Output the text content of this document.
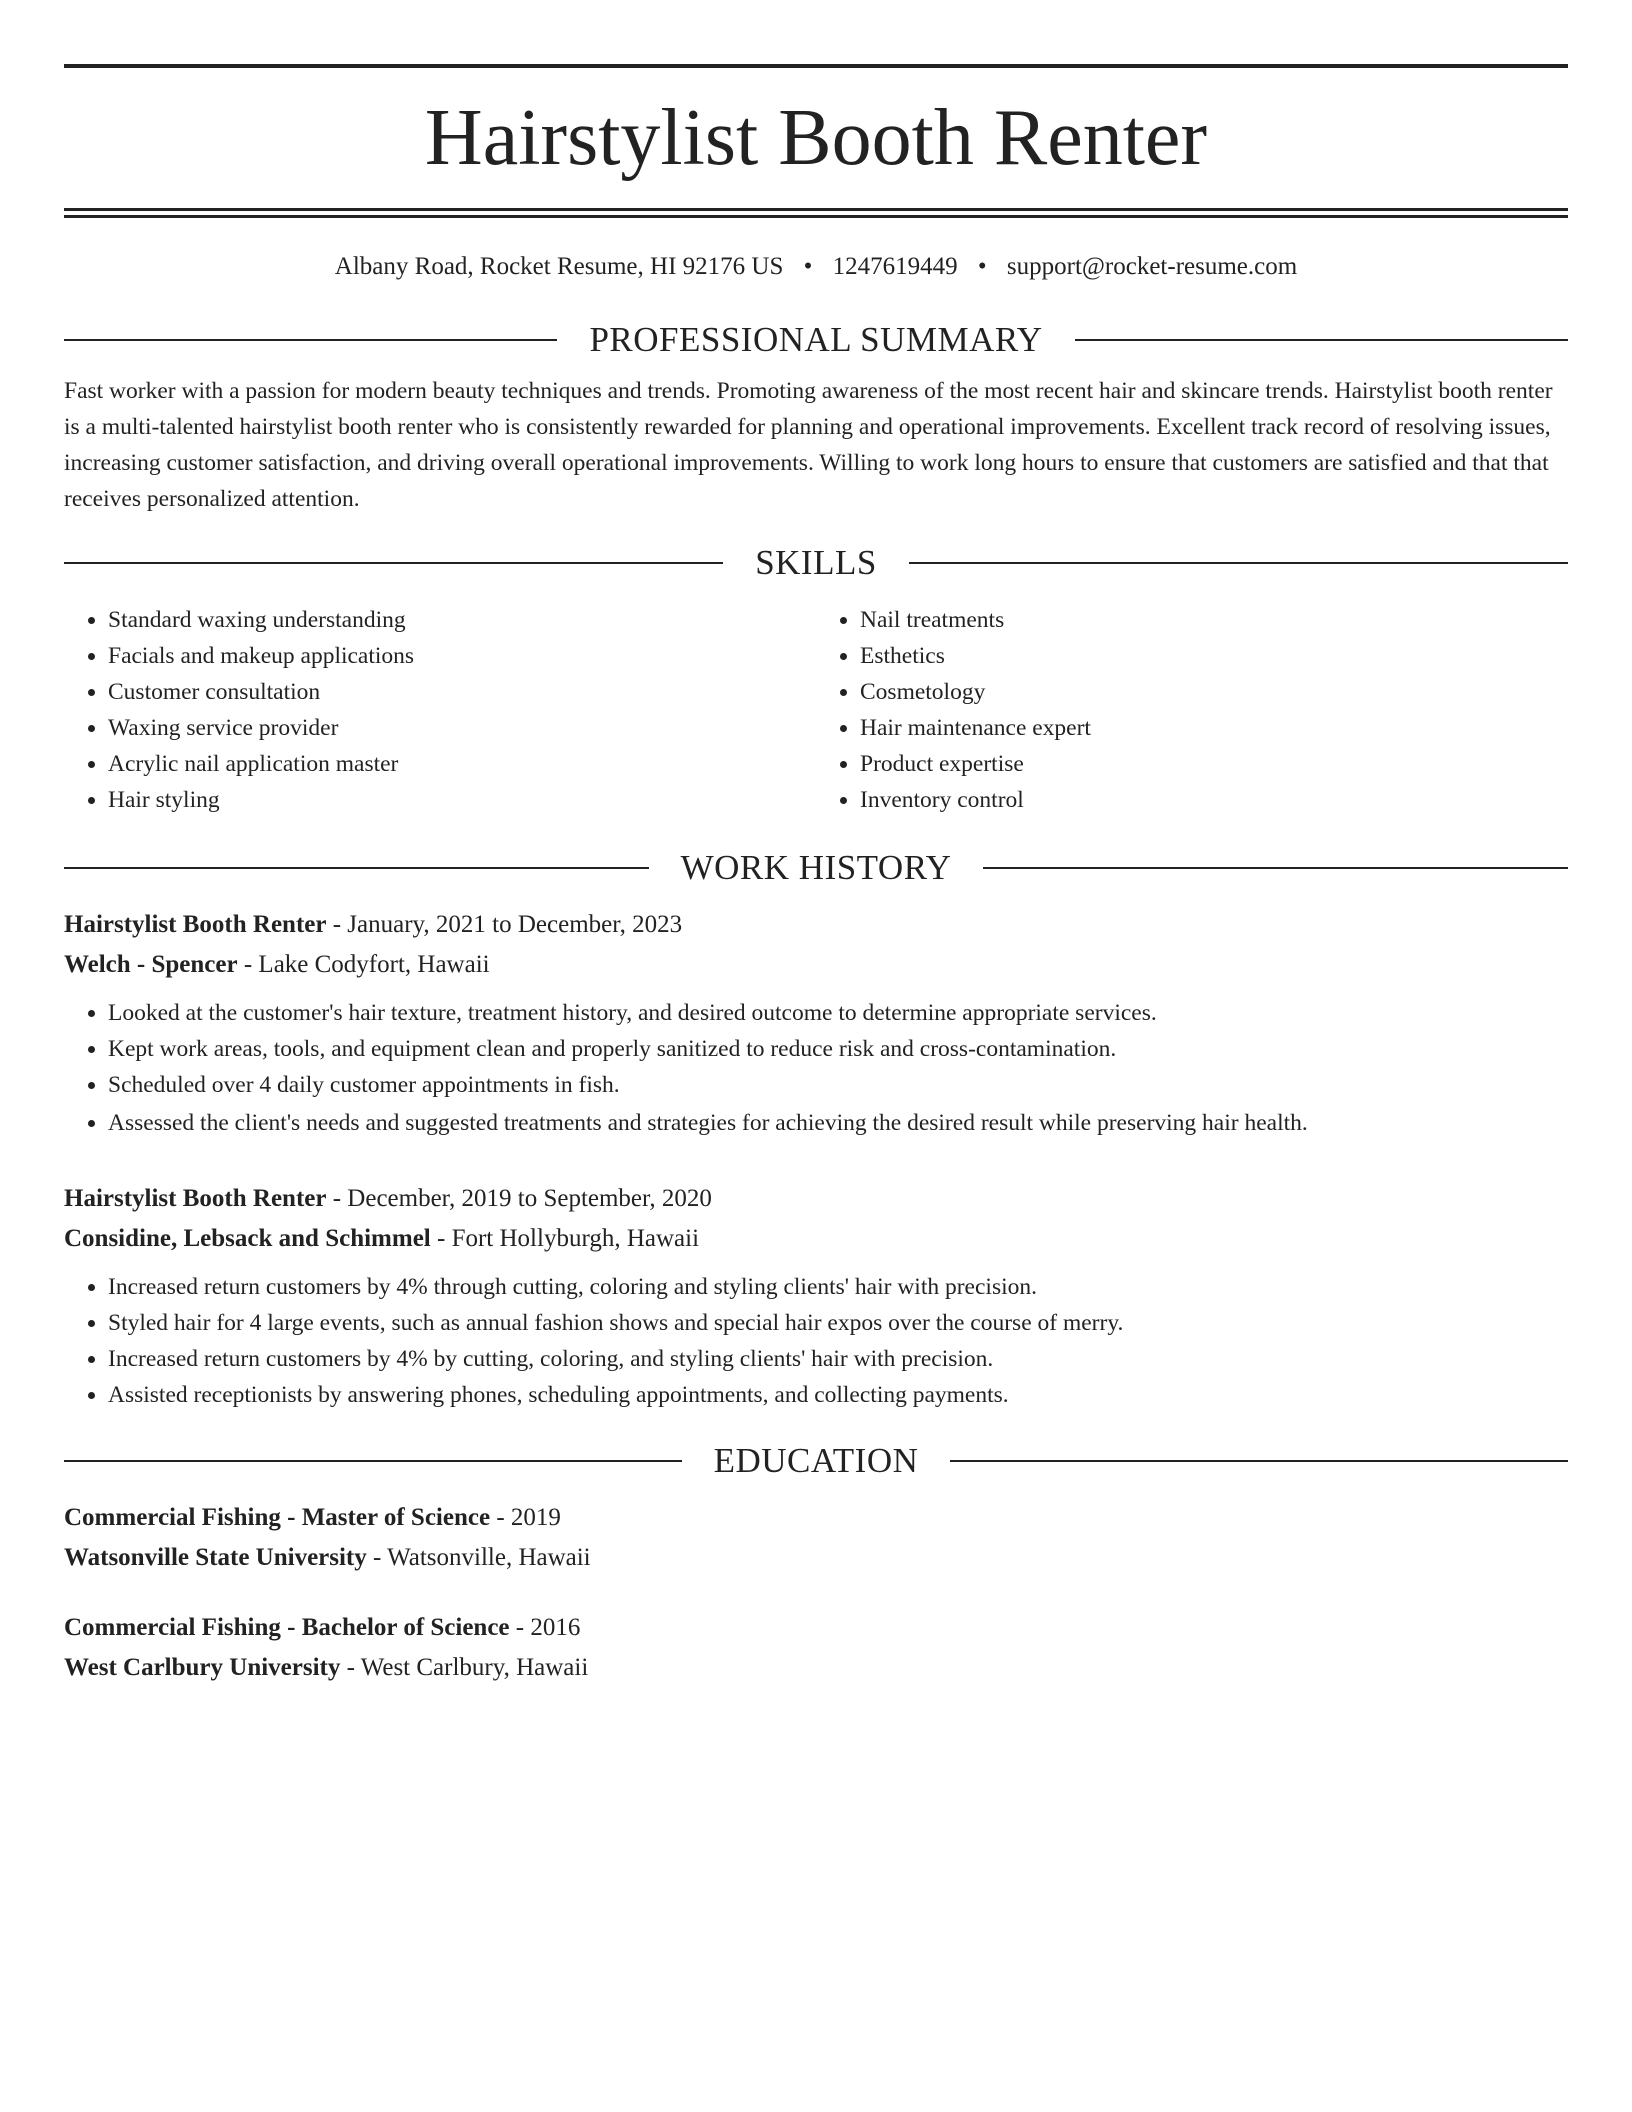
Hairstylist Booth Renter
Albany Road, Rocket Resume, HI 92176 US • 1247619449 • support@rocket-resume.com
PROFESSIONAL SUMMARY
Fast worker with a passion for modern beauty techniques and trends. Promoting awareness of the most recent hair and skincare trends. Hairstylist booth renter is a multi-talented hairstylist booth renter who is consistently rewarded for planning and operational improvements. Excellent track record of resolving issues, increasing customer satisfaction, and driving overall operational improvements. Willing to work long hours to ensure that customers are satisfied and that that receives personalized attention.
SKILLS
• Standard waxing understanding
• Facials and makeup applications
• Customer consultation
• Waxing service provider
• Acrylic nail application master
• Hair styling
• Nail treatments
• Esthetics
• Cosmetology
• Hair maintenance expert
• Product expertise
• Inventory control
WORK HISTORY
Hairstylist Booth Renter - January, 2021 to December, 2023
Welch - Spencer - Lake Codyfort, Hawaii
• Looked at the customer's hair texture, treatment history, and desired outcome to determine appropriate services.
• Kept work areas, tools, and equipment clean and properly sanitized to reduce risk and cross-contamination.
• Scheduled over 4 daily customer appointments in fish.
• Assessed the client's needs and suggested treatments and strategies for achieving the desired result while preserving hair health.
Hairstylist Booth Renter - December, 2019 to September, 2020
Considine, Lebsack and Schimmel - Fort Hollyburgh, Hawaii
• Increased return customers by 4% through cutting, coloring and styling clients' hair with precision.
• Styled hair for 4 large events, such as annual fashion shows and special hair expos over the course of merry.
• Increased return customers by 4% by cutting, coloring, and styling clients' hair with precision.
• Assisted receptionists by answering phones, scheduling appointments, and collecting payments.
EDUCATION
Commercial Fishing - Master of Science - 2019
Watsonville State University - Watsonville, Hawaii
Commercial Fishing - Bachelor of Science - 2016
West Carlbury University - West Carlbury, Hawaii
